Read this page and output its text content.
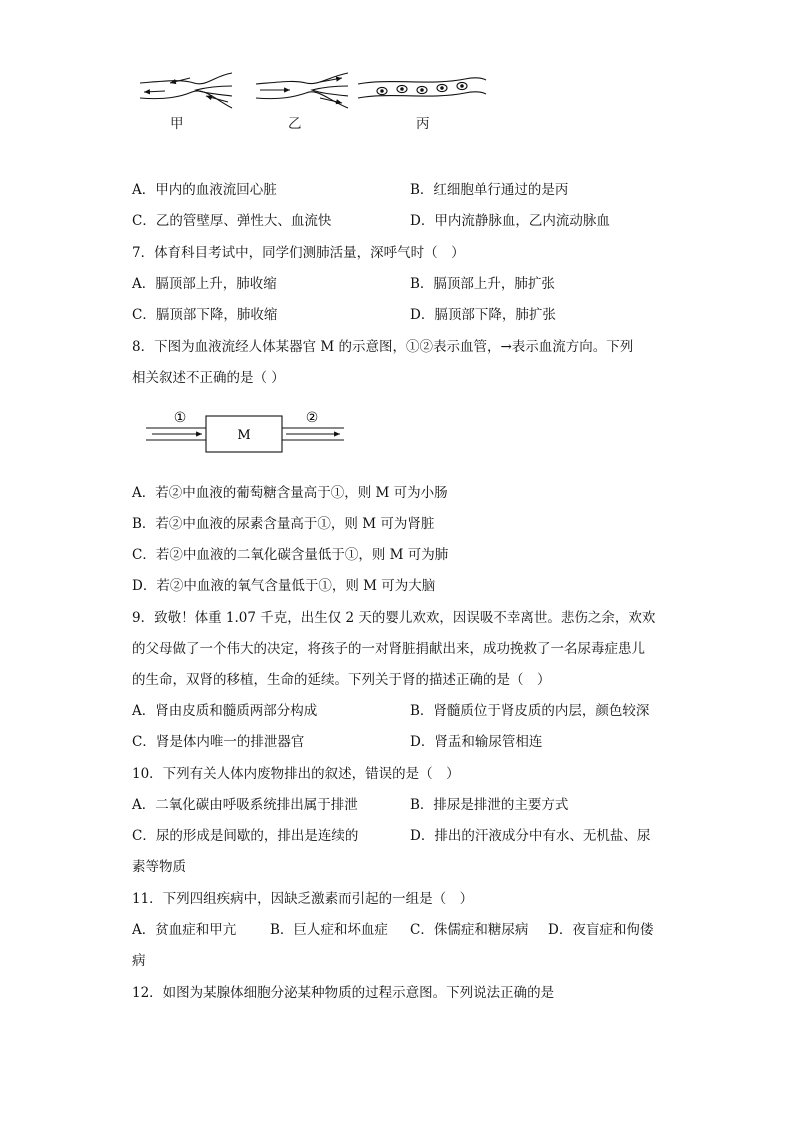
甲	乙	丙
A．甲内的血液流回心脏	B．红细胞单行通过的是丙
C．乙的管壁厚、弹性大、血流快	D．甲内流静脉血，乙内流动脉血
7．体育科目考试中，同学们测肺活量，深呼气时（　）
A．膈顶部上升，肺收缩	B．膈顶部上升，肺扩张
C．膈顶部下降，肺收缩	D．膈顶部下降，肺扩张
8．下图为血液流经人体某器官 M 的示意图，①②表示血管，→表示血流方向。下列
相关叙述不正确的是（ ）
M
①	②
A．若②中血液的葡萄糖含量高于①，则 M 可为小肠
B．若②中血液的尿素含量高于①，则 M 可为肾脏
C．若②中血液的二氧化碳含量低于①，则 M 可为肺
D．若②中血液的氧气含量低于①，则 M 可为大脑
9．致敬！体重 1.07 千克，出生仅 2 天的婴儿欢欢，因误吸不幸离世。悲伤之余，欢欢
的父母做了一个伟大的决定，将孩子的一对肾脏捐献出来，成功挽救了一名尿毒症患儿
的生命，双肾的移植，生命的延续。下列关于肾的描述正确的是（　）
A．肾由皮质和髓质两部分构成	B．肾髓质位于肾皮质的内层，颜色较深
C．肾是体内唯一的排泄器官	D．肾盂和输尿管相连
10．下列有关人体内废物排出的叙述，错误的是（　）
A．二氧化碳由呼吸系统排出属于排泄	B．排尿是排泄的主要方式
C．尿的形成是间歇的，排出是连续的	D．排出的汗液成分中有水、无机盐、尿
素等物质
11．下列四组疾病中，因缺乏激素而引起的一组是（　）
A．贫血症和甲亢	B．巨人症和坏血症 C．侏儒症和糖尿病 D．夜盲症和佝偻
病
12．如图为某腺体细胞分泌某种物质的过程示意图。下列说法正确的是
